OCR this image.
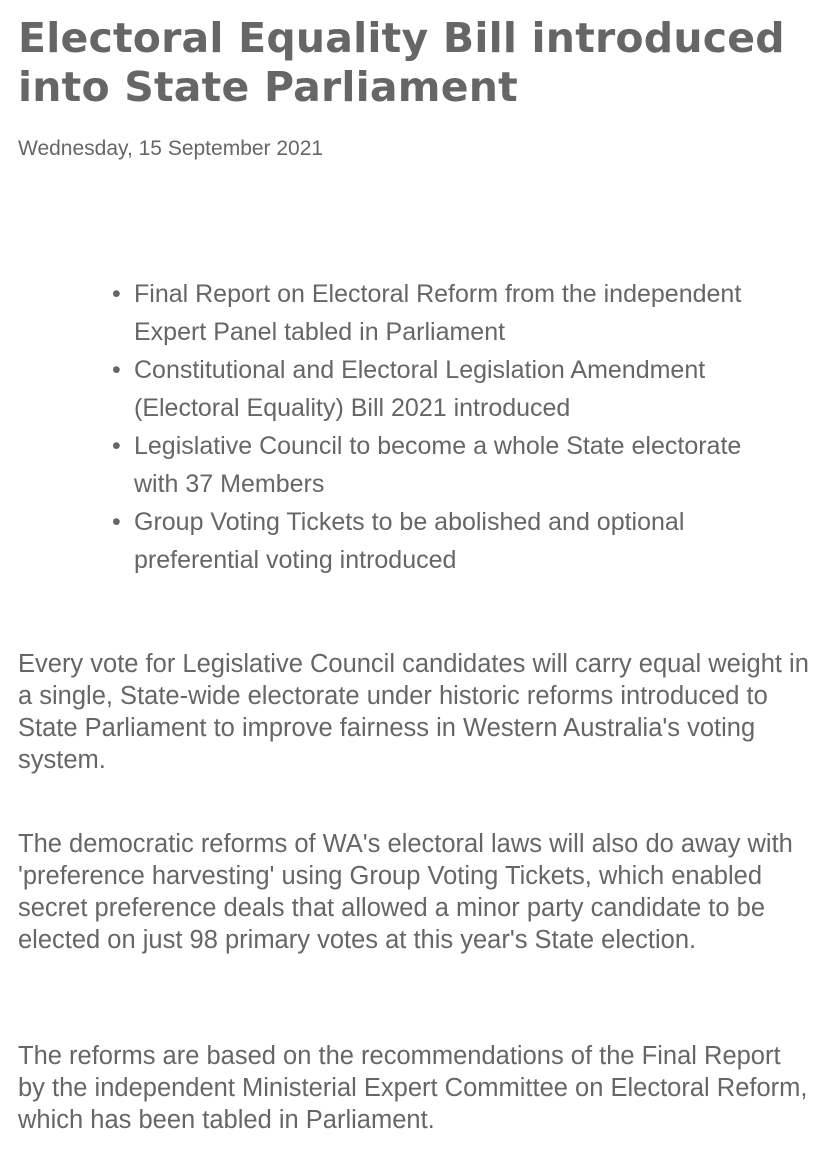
Electoral Equality Bill introduced into State Parliament
Wednesday, 15 September 2021
• Final Report on Electoral Reform from the independent Expert Panel tabled in Parliament
• Constitutional and Electoral Legislation Amendment (Electoral Equality) Bill 2021 introduced
• Legislative Council to become a whole State electorate with 37 Members
• Group Voting Tickets to be abolished and optional preferential voting introduced

Every vote for Legislative Council candidates will carry equal weight in a single, State-wide electorate under historic reforms introduced to State Parliament to improve fairness in Western Australia's voting system.

The democratic reforms of WA's electoral laws will also do away with 'preference harvesting' using Group Voting Tickets, which enabled secret preference deals that allowed a minor party candidate to be elected on just 98 primary votes at this year's State election.

The reforms are based on the recommendations of the Final Report by the independent Ministerial Expert Committee on Electoral Reform, which has been tabled in Parliament.
